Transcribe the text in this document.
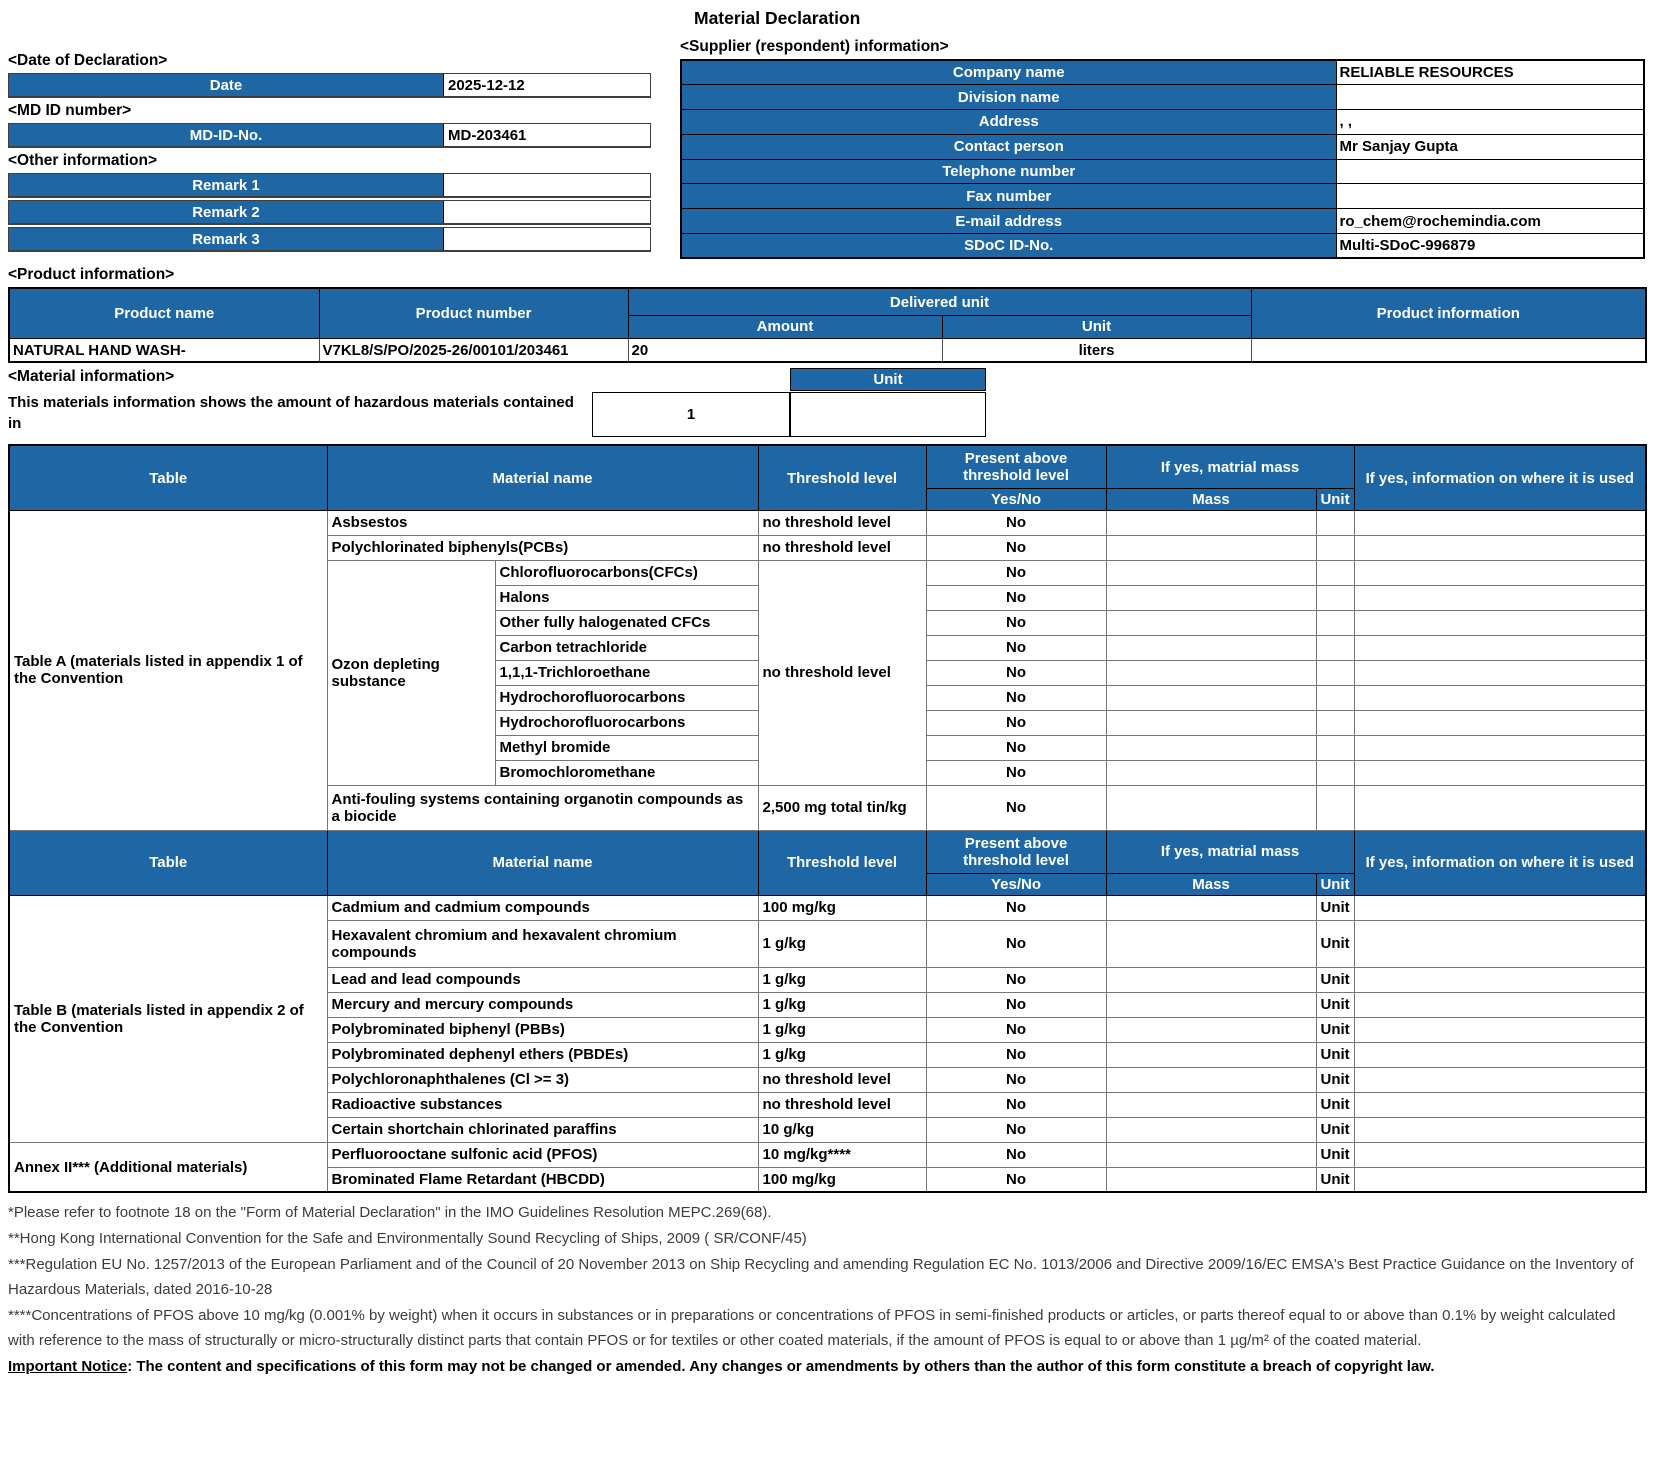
<Date of Declaration>
Date	2025-12-12
<MD ID number>
MD-ID-No.	MD-203461
<Other information>
Remark 1
Remark 2
Remark 3
Material Declaration
<Supplier (respondent) information>
Company name	RELIABLE RESOURCES
Division name	
Address	, ,
Contact person	Mr Sanjay Gupta
Telephone number	
Fax number	
E-mail address	ro_chem@rochemindia.com
SDoC ID-No.	Multi-SDoC-996879
<Product information>
Product name	Product number	Delivered unit		Product information
		Amount	Unit	
NATURAL HAND WASH-	V7KL8/S/PO/2025-26/00101/203461	20	liters	
<Material information>
This materials information shows the amount of hazardous materials contained in
1
Unit
Table	Material name		Threshold level	Present above threshold level	If yes, matrial mass		If yes, information on where it is used
				Yes/No	Mass	Unit	
Table A (materials listed in appendix 1 of the Convention	Asbsestos		no threshold level	No			
	Polychlorinated biphenyls(PCBs)		no threshold level	No			
	Ozon depleting substance	Chlorofluorocarbons(CFCs)	no threshold level	No			
		Halons		No			
		Other fully halogenated CFCs		No			
		Carbon tetrachloride		No			
		1,1,1-Trichloroethane		No			
		Hydrochorofluorocarbons		No			
		Hydrochorofluorocarbons		No			
		Methyl bromide		No			
		Bromochloromethane		No			
	Anti-fouling systems containing organotin compounds as a biocide		2,500 mg total tin/kg	No			
Table	Material name		Threshold level	Present above threshold level	If yes, matrial mass		If yes, information on where it is used
				Yes/No	Mass	Unit	
Table B (materials listed in appendix 2 of the Convention	Cadmium and cadmium compounds		100 mg/kg	No		Unit	
	Hexavalent chromium and hexavalent chromium compounds		1 g/kg	No		Unit	
	Lead and lead compounds		1 g/kg	No		Unit	
	Mercury and mercury compounds		1 g/kg	No		Unit	
	Polybrominated biphenyl (PBBs)		1 g/kg	No		Unit	
	Polybrominated dephenyl ethers (PBDEs)		1 g/kg	No		Unit	
	Polychloronaphthalenes (Cl >= 3)		no threshold level	No		Unit	
	Radioactive substances		no threshold level	No		Unit	
	Certain shortchain chlorinated paraffins		10 g/kg	No		Unit	
Annex II*** (Additional materials)	Perfluorooctane sulfonic acid (PFOS)		10 mg/kg****	No		Unit	
	Brominated Flame Retardant (HBCDD)		100 mg/kg	No		Unit	

*Please refer to footnote 18 on the "Form of Material Declaration" in the IMO Guidelines Resolution MEPC.269(68).

**Hong Kong International Convention for the Safe and Environmentally Sound Recycling of Ships, 2009 ( SR/CONF/45)

***Regulation EU No. 1257/2013 of the European Parliament and of the Council of 20 November 2013 on Ship Recycling and amending Regulation EC No. 1013/2006 and Directive 2009/16/EC EMSA's Best Practice Guidance on the Inventory of Hazardous Materials, dated 2016-10-28

****Concentrations of PFOS above 10 mg/kg (0.001% by weight) when it occurs in substances or in preparations or concentrations of PFOS in semi-finished products or articles, or parts thereof equal to or above than 0.1% by weight calculated with reference to the mass of structurally or micro-structurally distinct parts that contain PFOS or for textiles or other coated materials, if the amount of PFOS is equal to or above than 1 µg/m² of the coated material.

Important Notice: The content and specifications of this form may not be changed or amended. Any changes or amendments by others than the author of this form constitute a breach of copyright law.
